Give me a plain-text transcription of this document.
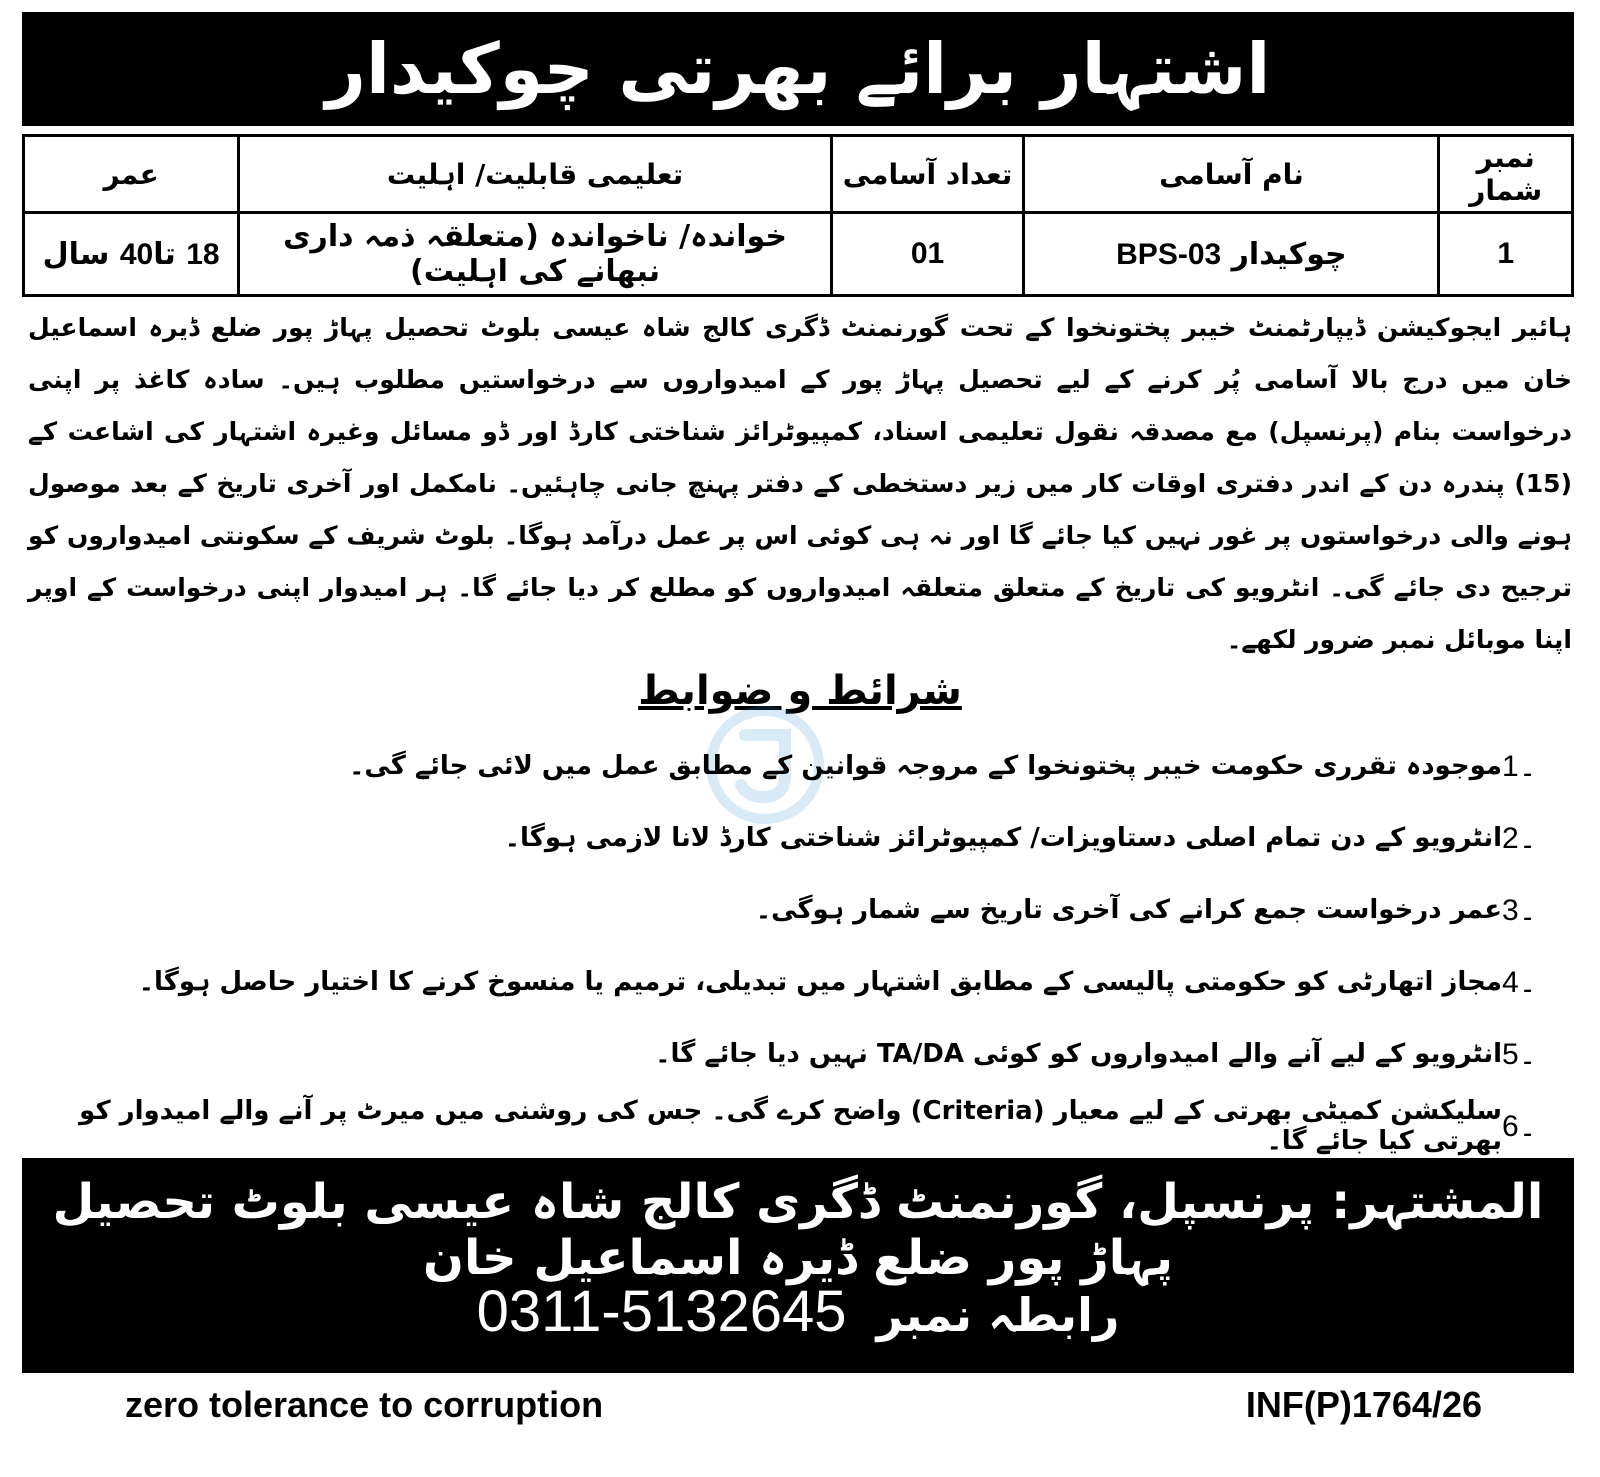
اشتہار برائے بھرتی چوکیدار
نمبر شمار	نام آسامی	تعداد آسامی	تعلیمی قابلیت/ اہلیت	عمر
1	چوکیدار BPS-03	01	خواندہ/ ناخواندہ (متعلقہ ذمہ داری نبھانے کی اہلیت)	18 تا40 سال
ہائیر ایجوکیشن ڈیپارٹمنٹ خیبر پختونخوا کے تحت گورنمنٹ ڈگری کالج شاہ عیسی بلوٹ تحصیل پہاڑ پور ضلع ڈیرہ اسماعیل خان میں درج بالا آسامی پُر کرنے کے لیے تحصیل پہاڑ پور کے امیدواروں سے درخواستیں مطلوب ہیں۔ سادہ کاغذ پر اپنی درخواست بنام (پرنسپل) مع مصدقہ نقول تعلیمی اسناد، کمپیوٹرائز شناختی کارڈ اور ڈو مسائل وغیرہ اشتہار کی اشاعت کے (15) پندرہ دن کے اندر دفتری اوقات کار میں زیر دستخطی کے دفتر پہنچ جانی چاہئیں۔ نامکمل اور آخری تاریخ کے بعد موصول ہونے والی درخواستوں پر غور نہیں کیا جائے گا اور نہ ہی کوئی اس پر عمل درآمد ہوگا۔ بلوٹ شریف کے سکونتی امیدواروں کو ترجیح دی جائے گی۔ انٹرویو کی تاریخ کے متعلق متعلقہ امیدواروں کو مطلع کر دیا جائے گا۔ ہر امیدوار اپنی درخواست کے اوپر اپنا موبائل نمبر ضرور لکھے۔
شرائط و ضوابط
1۔
موجودہ تقرری حکومت خیبر پختونخوا کے مروجہ قوانین کے مطابق عمل میں لائی جائے گی۔
2۔
انٹرویو کے دن تمام اصلی دستاویزات/ کمپیوٹرائز شناختی کارڈ لانا لازمی ہوگا۔
3۔
عمر درخواست جمع کرانے کی آخری تاریخ سے شمار ہوگی۔
4۔
مجاز اتھارٹی کو حکومتی پالیسی کے مطابق اشتہار میں تبدیلی، ترمیم یا منسوخ کرنے کا اختیار حاصل ہوگا۔
5۔
انٹرویو کے لیے آنے والے امیدواروں کو کوئی TA/DA نہیں دیا جائے گا۔
6۔
سلیکشن کمیٹی بھرتی کے لیے معیار (Criteria) واضح کرے گی۔ جس کی روشنی میں میرٹ پر آنے والے امیدوار کو بھرتی کیا جائے گا۔
المشتہر: پرنسپل، گورنمنٹ ڈگری کالج شاہ عیسی بلوٹ تحصیل پہاڑ پور ضلع ڈیرہ اسماعیل خان
رابطہ نمبر 0311-5132645
zero tolerance to corruption	INF(P)1764/26
